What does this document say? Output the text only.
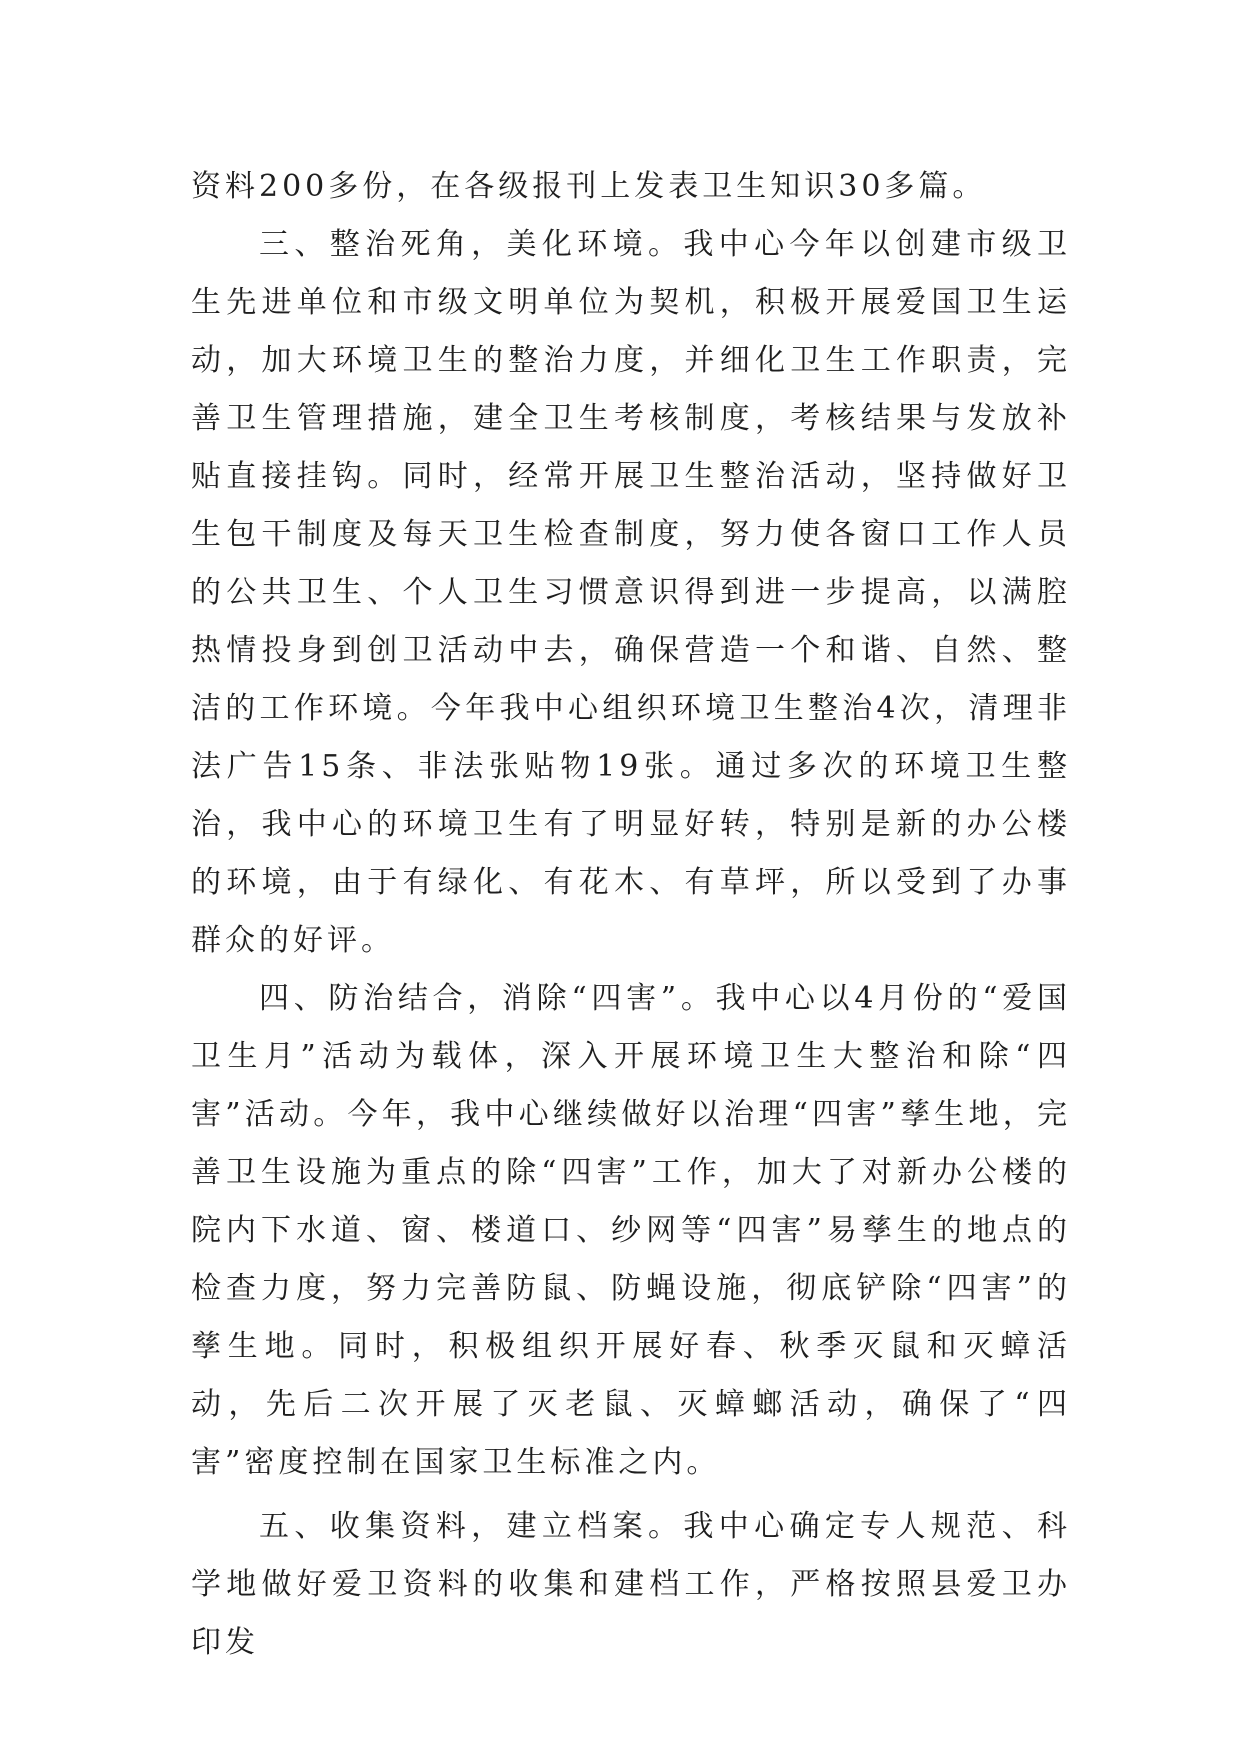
资料200多份，在各级报刊上发表卫生知识30多篇。

三、整治死角，美化环境。我中心今年以创建市级卫生先进单位和市级文明单位为契机，积极开展爱国卫生运动，加大环境卫生的整治力度，并细化卫生工作职责，完善卫生管理措施，建全卫生考核制度，考核结果与发放补贴直接挂钩。同时，经常开展卫生整治活动，坚持做好卫生包干制度及每天卫生检查制度，努力使各窗口工作人员的公共卫生、个人卫生习惯意识得到进一步提高，以满腔热情投身到创卫活动中去，确保营造一个和谐、自然、整洁的工作环境。今年我中心组织环境卫生整治4次，清理非法广告15条、非法张贴物19张。通过多次的环境卫生整治，我中心的环境卫生有了明显好转，特别是新的办公楼的环境，由于有绿化、有花木、有草坪，所以受到了办事群众的好评。

四、防治结合，消除“四害”。我中心以4月份的“爱国卫生月”活动为载体，深入开展环境卫生大整治和除“四害”活动。今年，我中心继续做好以治理“四害”孳生地，完善卫生设施为重点的除“四害”工作，加大了对新办公楼的院内下水道、窗、楼道口、纱网等“四害”易孳生的地点的检查力度，努力完善防鼠、防蝇设施，彻底铲除“四害”的孳生地。同时，积极组织开展好春、秋季灭鼠和灭蟑活动，先后二次开展了灭老鼠、灭蟑螂活动，确保了“四害”密度控制在国家卫生标准之内。

五、收集资料，建立档案。我中心确定专人规范、科学地做好爱卫资料的收集和建档工作，严格按照县爱卫办印发
